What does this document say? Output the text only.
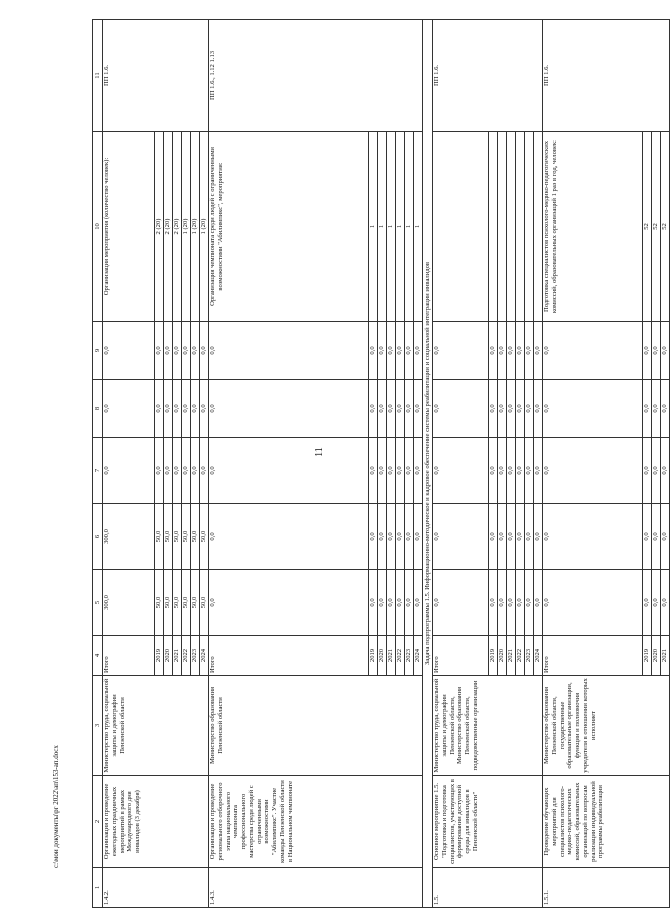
11
c:\мои документы\рг 2022\ап\153-ап.docx
1	2	3	4	5	6	7	8	9	10	11
1.4.2.	Организация и проведение ежегодных праздничных мероприятий в рамках Международного дня инвалидов (3 декабря)	Министерство труда, социальной защиты и демографии Пензенской области	Итого	300,0	300,0	0,0	0,0	0,0	Организация мероприятия (количество человек):	ПП 1.6.
			2019	50,0	50,0	0,0	0,0	0,0	2 (20)	
			2020	50,0	50,0	0,0	0,0	0,0	2 (20)	
			2021	50,0	50,0	0,0	0,0	0,0	2 (20)	
			2022	50,0	50,0	0,0	0,0	0,0	1 (20)	
			2023	50,0	50,0	0,0	0,0	0,0	1 (20)	
			2024	50,0	50,0	0,0	0,0	0,0	1 (20)	
1.4.3.	Организация и проведение регионального отборочного этапа национального чемпионата профессионального мастерства среди людей с ограниченными возможностями "Абилимпикс". Участие команды Пензенской области в Национальном чемпионате	Министерство образования Пензенской области	Итого	0,0	0,0	0,0	0,0	0,0	Организация чемпионата среди людей с ограниченными возможностями "Абилимпикс", мероприятия:	ПП 1.6., 1.12 1.13
			2019	0,0	0,0	0,0	0,0	0,0	1	
			2020	0,0	0,0	0,0	0,0	0,0	1	
			2021	0,0	0,0	0,0	0,0	0,0	1	
			2022	0,0	0,0	0,0	0,0	0,0	1	
			2023	0,0	0,0	0,0	0,0	0,0	1	
			2024	0,0	0,0	0,0	0,0	0,0	1	
Задача подпрограммы 1.5. Информационно-методическое и кадровое обеспечение системы реабилитации и социальной интеграции инвалидов										
1.5.	Основное мероприятие 1.5. "Подготовка и подготовка специалистов, участвующих в формировании доступной среды для инвалидов в Пензенской области"	Министерство труда, социальной защиты и демографии Пензенской области, Министерство образования Пензенской области, подведомственные организации	Итого	0,0	0,0	0,0	0,0	0,0		ПП 1.6.
			2019	0,0	0,0	0,0	0,0	0,0		
			2020	0,0	0,0	0,0	0,0	0,0		
			2021	0,0	0,0	0,0	0,0	0,0		
			2022	0,0	0,0	0,0	0,0	0,0		
			2023	0,0	0,0	0,0	0,0	0,0		
			2024	0,0	0,0	0,0	0,0	0,0		
1.5.1.	Проведение обучающих мероприятий для специалистов психолого-медико-педагогических комиссий, образовательных организаций по вопросам реализации индивидуальной программы реабилитации	Министерство образования Пензенской области, государственные образовательные организации, функции и полномочия учредителя в отношении которых исполняет	Итого	0,0	0,0	0,0	0,0	0,0	Подготовка специалистов психолого-медико-педагогических комиссий, образовательных организаций 1 раз в год, человек:	ПП 1.6.
			2019	0,0	0,0	0,0	0,0	0,0	52	
			2020	0,0	0,0	0,0	0,0	0,0	52	
			2021	0,0	0,0	0,0	0,0	0,0	52	
